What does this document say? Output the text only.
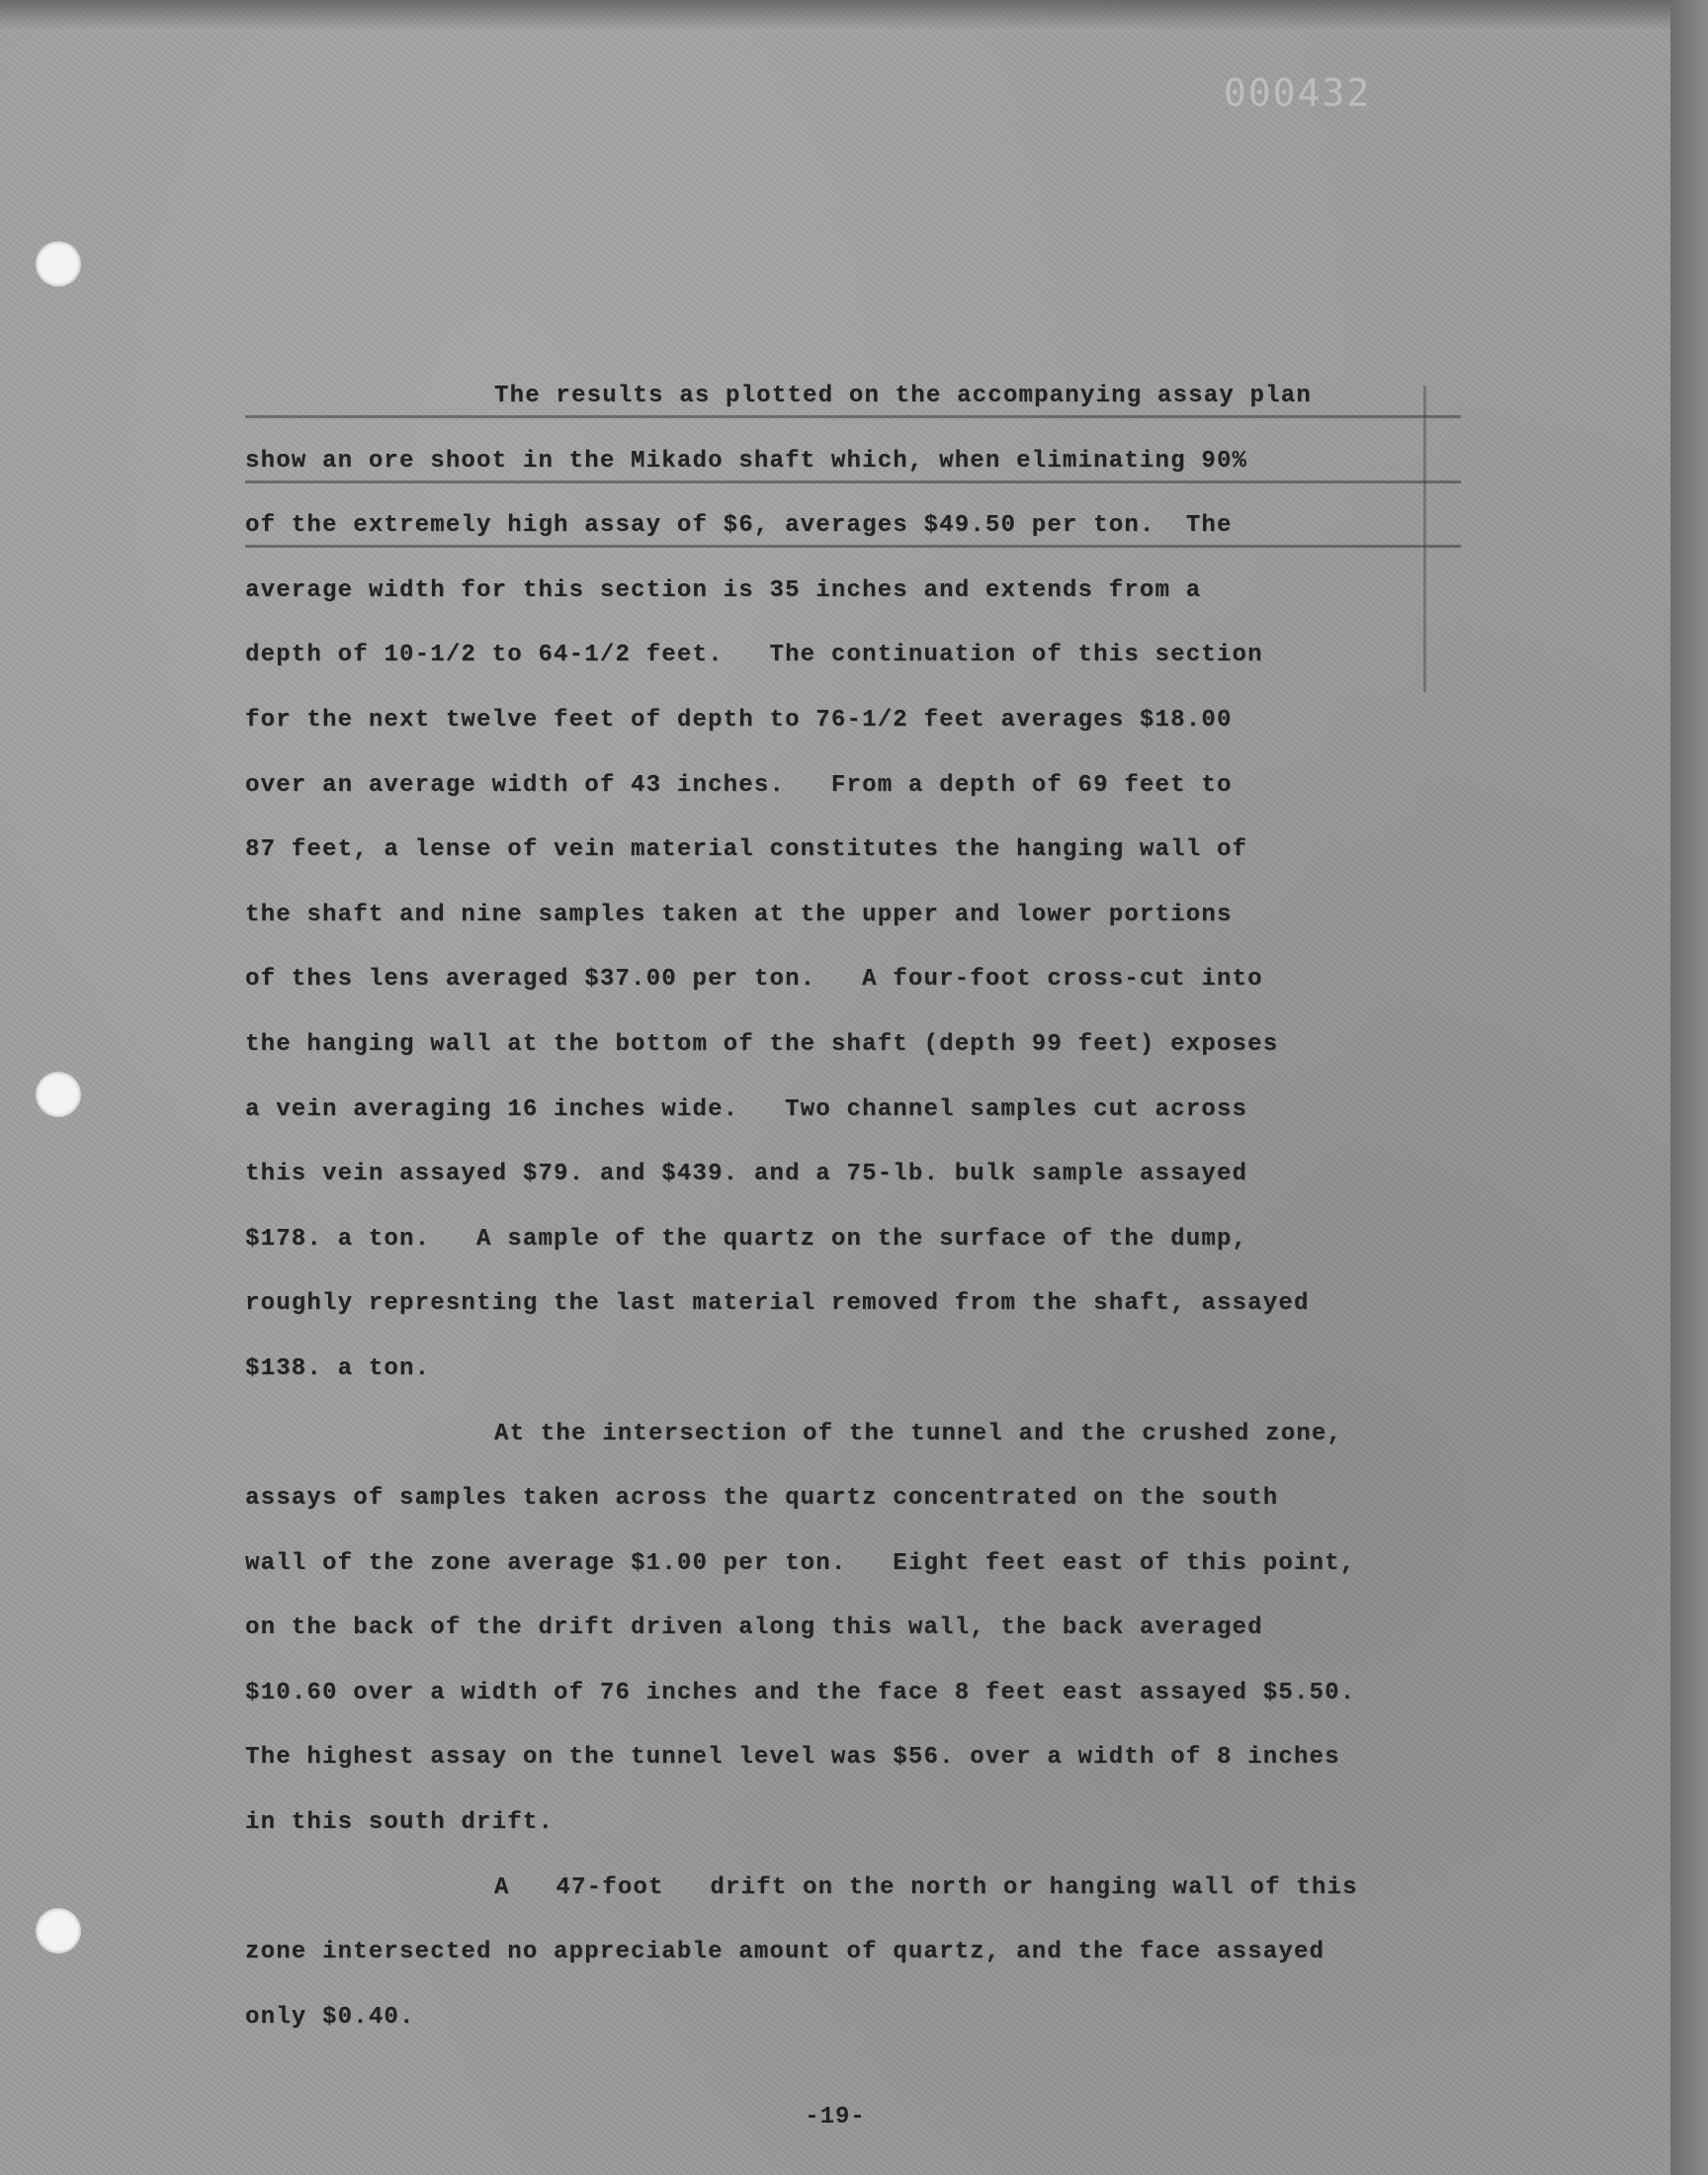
000432
The results as plotted on the accompanying assay plan
show an ore shoot in the Mikado shaft which, when eliminating 90%
of the extremely high assay of $6, averages $49.50 per ton.  The
average width for this section is 35 inches and extends from a
depth of 10-1/2 to 64-1/2 feet.   The continuation of this section
for the next twelve feet of depth to 76-1/2 feet averages $18.00
over an average width of 43 inches.   From a depth of 69 feet to
87 feet, a lense of vein material constitutes the hanging wall of
the shaft and nine samples taken at the upper and lower portions
of thes lens averaged $37.00 per ton.   A four-foot cross-cut into
the hanging wall at the bottom of the shaft (depth 99 feet) exposes
a vein averaging 16 inches wide.   Two channel samples cut across
this vein assayed $79. and $439. and a 75-lb. bulk sample assayed
$178. a ton.   A sample of the quartz on the surface of the dump,
roughly represnting the last material removed from the shaft, assayed
$138. a ton.
At the intersection of the tunnel and the crushed zone,
assays of samples taken across the quartz concentrated on the south
wall of the zone average $1.00 per ton.   Eight feet east of this point,
on the back of the drift driven along this wall, the back averaged
$10.60 over a width of 76 inches and the face 8 feet east assayed $5.50.
The highest assay on the tunnel level was $56. over a width of 8 inches
in this south drift.
A   47-foot   drift on the north or hanging wall of this
zone intersected no appreciable amount of quartz, and the face assayed
only $0.40.
-19-
